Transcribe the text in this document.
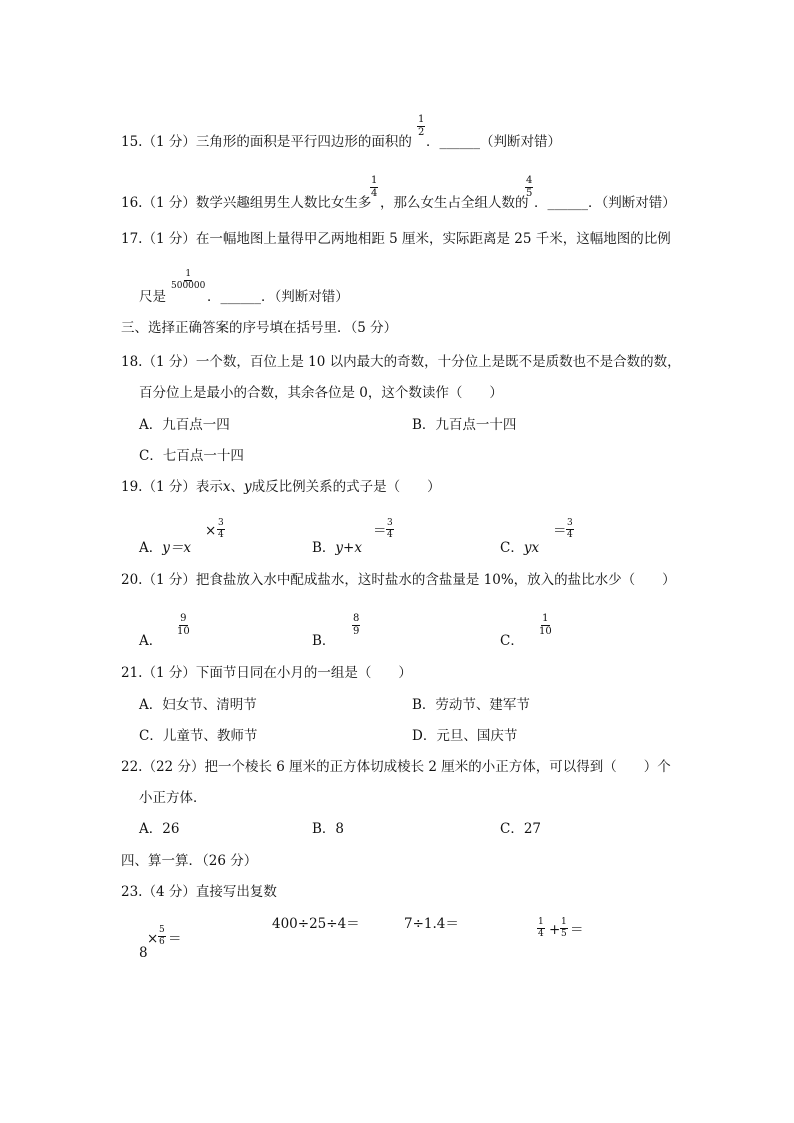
15.（1 分）三角形的面积是平行四边形的面积的
$\frac{1}{2}$
．______（判断对错）
16.（1 分）数学兴趣组男生人数比女生多
$\frac{1}{4}$
，那么女生占全组人数的
$\frac{4}{5}$
．______．（判断对错）
17.（1 分）在一幅地图上量得甲乙两地相距 5 厘米，实际距离是 25 千米，这幅地图的比例
尺是
$\frac{1}{500000}$
．______．（判断对错）
三、选择正确答案的序号填在括号里．（5 分）
18.（1 分）一个数，百位上是 10 以内最大的奇数，十分位上是既不是质数也不是合数的数，
百分位上是最小的合数，其余各位是 0，这个数读作（　　）
A．九百点一四	B．九百点一十四
C．七百点一十四
19.（1 分）表示x、y成反比例关系的式子是（　　）
A．y＝x
× $\frac{3}{4}$
B．y+x
＝ $\frac{3}{4}$
C．yx
＝ $\frac{3}{4}$
20.（1 分）把食盐放入水中配成盐水，这时盐水的含盐量是 10%，放入的盐比水少（　　）
A．
$\frac{9}{10}$
B．
$\frac{8}{9}$
C．
$\frac{1}{10}$
21.（1 分）下面节日同在小月的一组是（　　）
A．妇女节、清明节	B．劳动节、建军节
C．儿童节、教师节	D．元旦、国庆节
22.（22 分）把一个棱长 6 厘米的正方体切成棱长 2 厘米的小正方体，可以得到（　　）个
小正方体．
A．26	B．8	C．27
四、算一算．（26 分）
23.（4 分）直接写出复数
8
× $\frac{5}{6}$ ＝
400÷25÷4＝	7÷1.4＝	$\frac{1}{4} + \frac{1}{5}$ ＝
